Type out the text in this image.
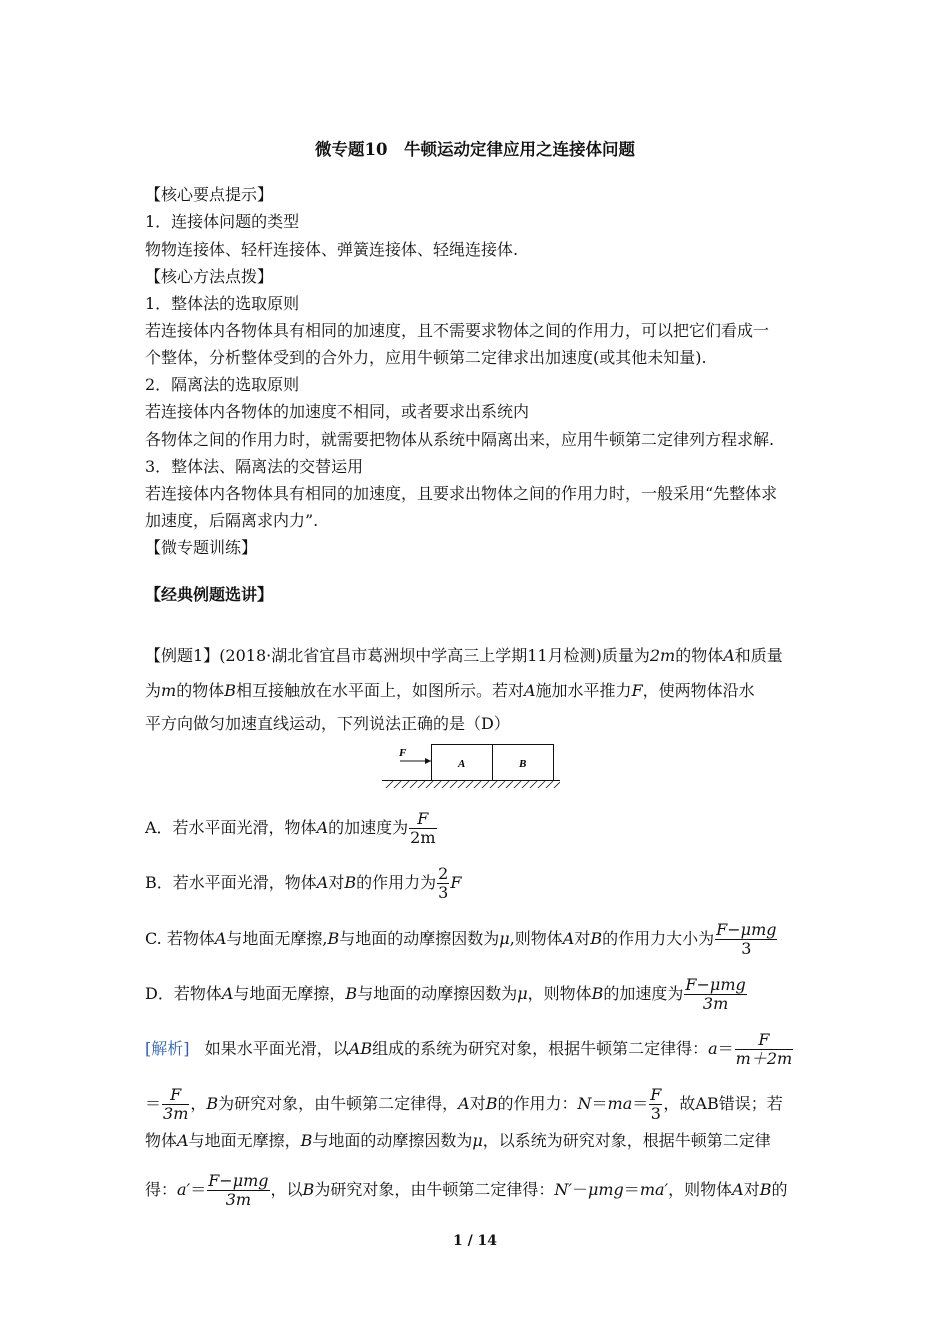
微专题10　牛顿运动定律应用之连接体问题
【核心要点提示】
1．连接体问题的类型
物物连接体、轻杆连接体、弹簧连接体、轻绳连接体.
【核心方法点拨】
1．整体法的选取原则
若连接体内各物体具有相同的加速度，且不需要求物体之间的作用力，可以把它们看成一
个整体，分析整体受到的合外力，应用牛顿第二定律求出加速度(或其他未知量).
2．隔离法的选取原则
若连接体内各物体的加速度不相同，或者要求出系统内
各物体之间的作用力时，就需要把物体从系统中隔离出来，应用牛顿第二定律列方程求解.
3．整体法、隔离法的交替运用
若连接体内各物体具有相同的加速度，且要求出物体之间的作用力时，一般采用“先整体求
加速度，后隔离求内力”.
【微专题训练】
【经典例题选讲】
【例题1】(2018·湖北省宜昌市葛洲坝中学高三上学期11月检测)质量为2m的物体A和质量
为m的物体B相互接触放在水平面上，如图所示。若对A施加水平推力F，使两物体沿水
平方向做匀加速直线运动，下列说法正确的是（D）
F
A	B
A．若水平面光滑，物体A的加速度为 $\frac{F}{2m}$
B．若水平面光滑，物体A对B的作用力为 $\frac{2}{3}$ F
C. 若物体A与地面无摩擦,B与地面的动摩擦因数为μ,则物体A对B的作用力大小为 $\frac{\text{F−μmg}}{3}$
D．若物体A与地面无摩擦，B与地面的动摩擦因数为μ，则物体B的加速度为 $\frac{\text{F−μmg}}{3m}$
[解析] 如果水平面光滑，以AB组成的系统为研究对象，根据牛顿第二定律得：$a= \frac{F}{m+2m}$
＝ $\frac{F}{3m}$ ，B为研究对象，由牛顿第二定律得，A对B的作用力：$N=ma= \frac{F}{3}$ ，故AB错误；若
物体A与地面无摩擦，B与地面的动摩擦因数为μ，以系统为研究对象，根据牛顿第二定律
得：$a'= \frac{\text{F−μmg}}{3m}$ ，以B为研究对象，由牛顿第二定律得：N′－μmg＝ma′，则物体A对B的
1 / 14
